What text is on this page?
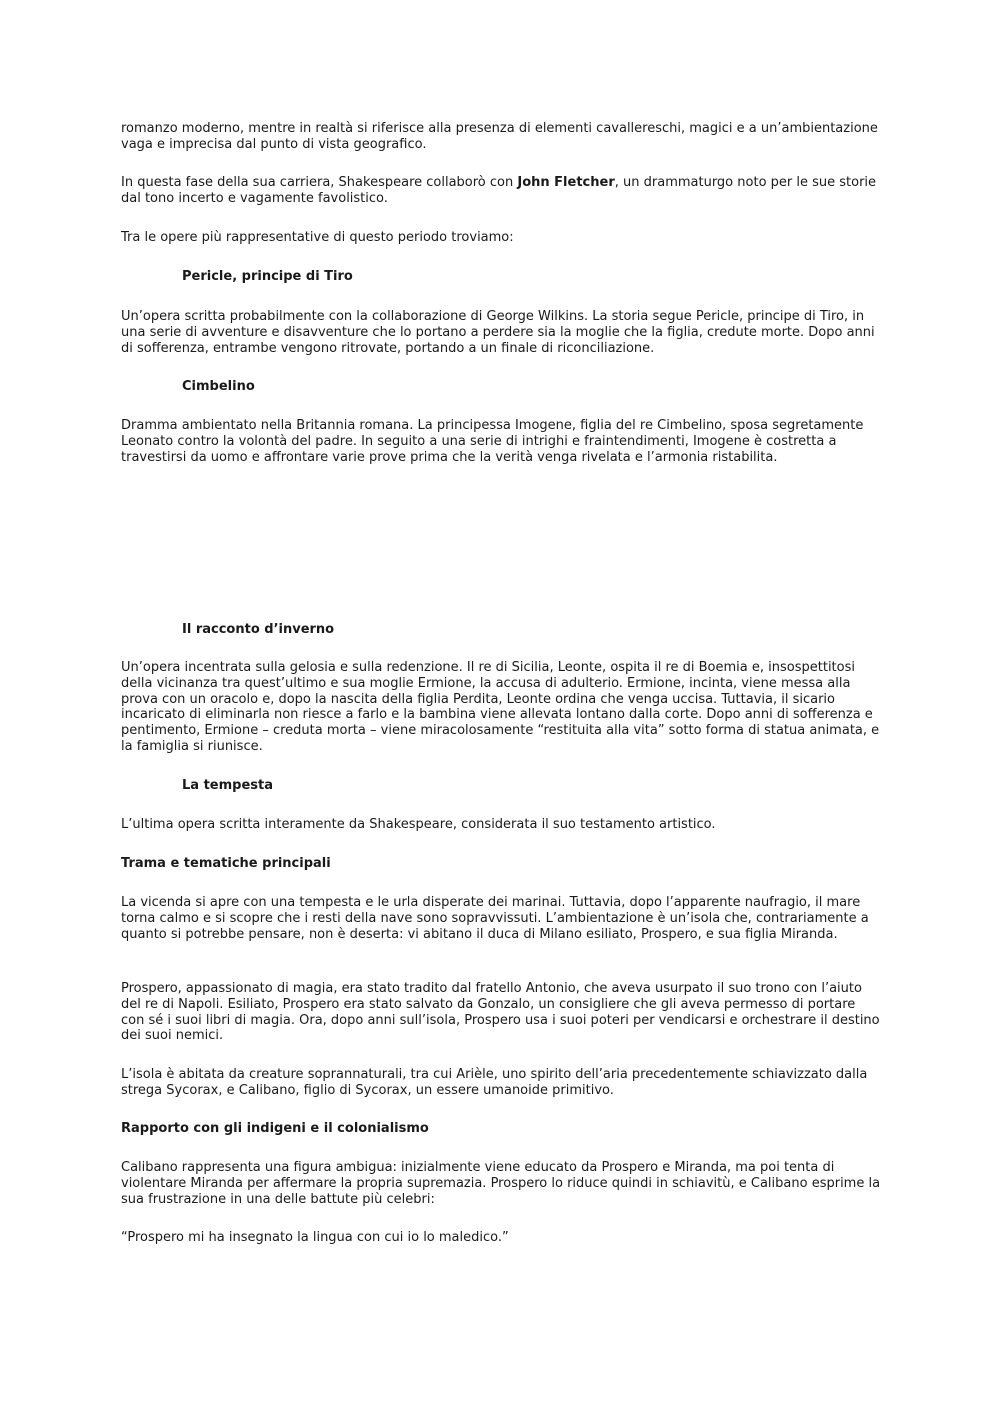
romanzo moderno, mentre in realtà si riferisce alla presenza di elementi cavallereschi, magici e a un’ambientazione vaga e imprecisa dal punto di vista geografico.

In questa fase della sua carriera, Shakespeare collaborò con John Fletcher, un drammaturgo noto per le sue storie dal tono incerto e vagamente favolistico.

Tra le opere più rappresentative di questo periodo troviamo:

Pericle, principe di Tiro

Un’opera scritta probabilmente con la collaborazione di George Wilkins. La storia segue Pericle, principe di Tiro, in una serie di avventure e disavventure che lo portano a perdere sia la moglie che la figlia, credute morte. Dopo anni di sofferenza, entrambe vengono ritrovate, portando a un finale di riconciliazione.

Cimbelino

Dramma ambientato nella Britannia romana. La principessa Imogene, figlia del re Cimbelino, sposa segretamente Leonato contro la volontà del padre. In seguito a una serie di intrighi e fraintendimenti, Imogene è costretta a travestirsi da uomo e affrontare varie prove prima che la verità venga rivelata e l’armonia ristabilita.

Il racconto d’inverno

Un’opera incentrata sulla gelosia e sulla redenzione. Il re di Sicilia, Leonte, ospita il re di Boemia e, insospettitosi della vicinanza tra quest’ultimo e sua moglie Ermione, la accusa di adulterio. Ermione, incinta, viene messa alla prova con un oracolo e, dopo la nascita della figlia Perdita, Leonte ordina che venga uccisa. Tuttavia, il sicario incaricato di eliminarla non riesce a farlo e la bambina viene allevata lontano dalla corte. Dopo anni di sofferenza e pentimento, Ermione – creduta morta – viene miracolosamente “restituita alla vita” sotto forma di statua animata, e la famiglia si riunisce.

La tempesta

L’ultima opera scritta interamente da Shakespeare, considerata il suo testamento artistico.

Trama e tematiche principali

La vicenda si apre con una tempesta e le urla disperate dei marinai. Tuttavia, dopo l’apparente naufragio, il mare torna calmo e si scopre che i resti della nave sono sopravvissuti. L’ambientazione è un’isola che, contrariamente a quanto si potrebbe pensare, non è deserta: vi abitano il duca di Milano esiliato, Prospero, e sua figlia Miranda.

Prospero, appassionato di magia, era stato tradito dal fratello Antonio, che aveva usurpato il suo trono con l’aiuto del re di Napoli. Esiliato, Prospero era stato salvato da Gonzalo, un consigliere che gli aveva permesso di portare con sé i suoi libri di magia. Ora, dopo anni sull’isola, Prospero usa i suoi poteri per vendicarsi e orchestrare il destino dei suoi nemici.

L’isola è abitata da creature soprannaturali, tra cui Arièle, uno spirito dell’aria precedentemente schiavizzato dalla strega Sycorax, e Calibano, figlio di Sycorax, un essere umanoide primitivo.

Rapporto con gli indigeni e il colonialismo

Calibano rappresenta una figura ambigua: inizialmente viene educato da Prospero e Miranda, ma poi tenta di violentare Miranda per affermare la propria supremazia. Prospero lo riduce quindi in schiavitù, e Calibano esprime la sua frustrazione in una delle battute più celebri:

“Prospero mi ha insegnato la lingua con cui io lo maledico.”
